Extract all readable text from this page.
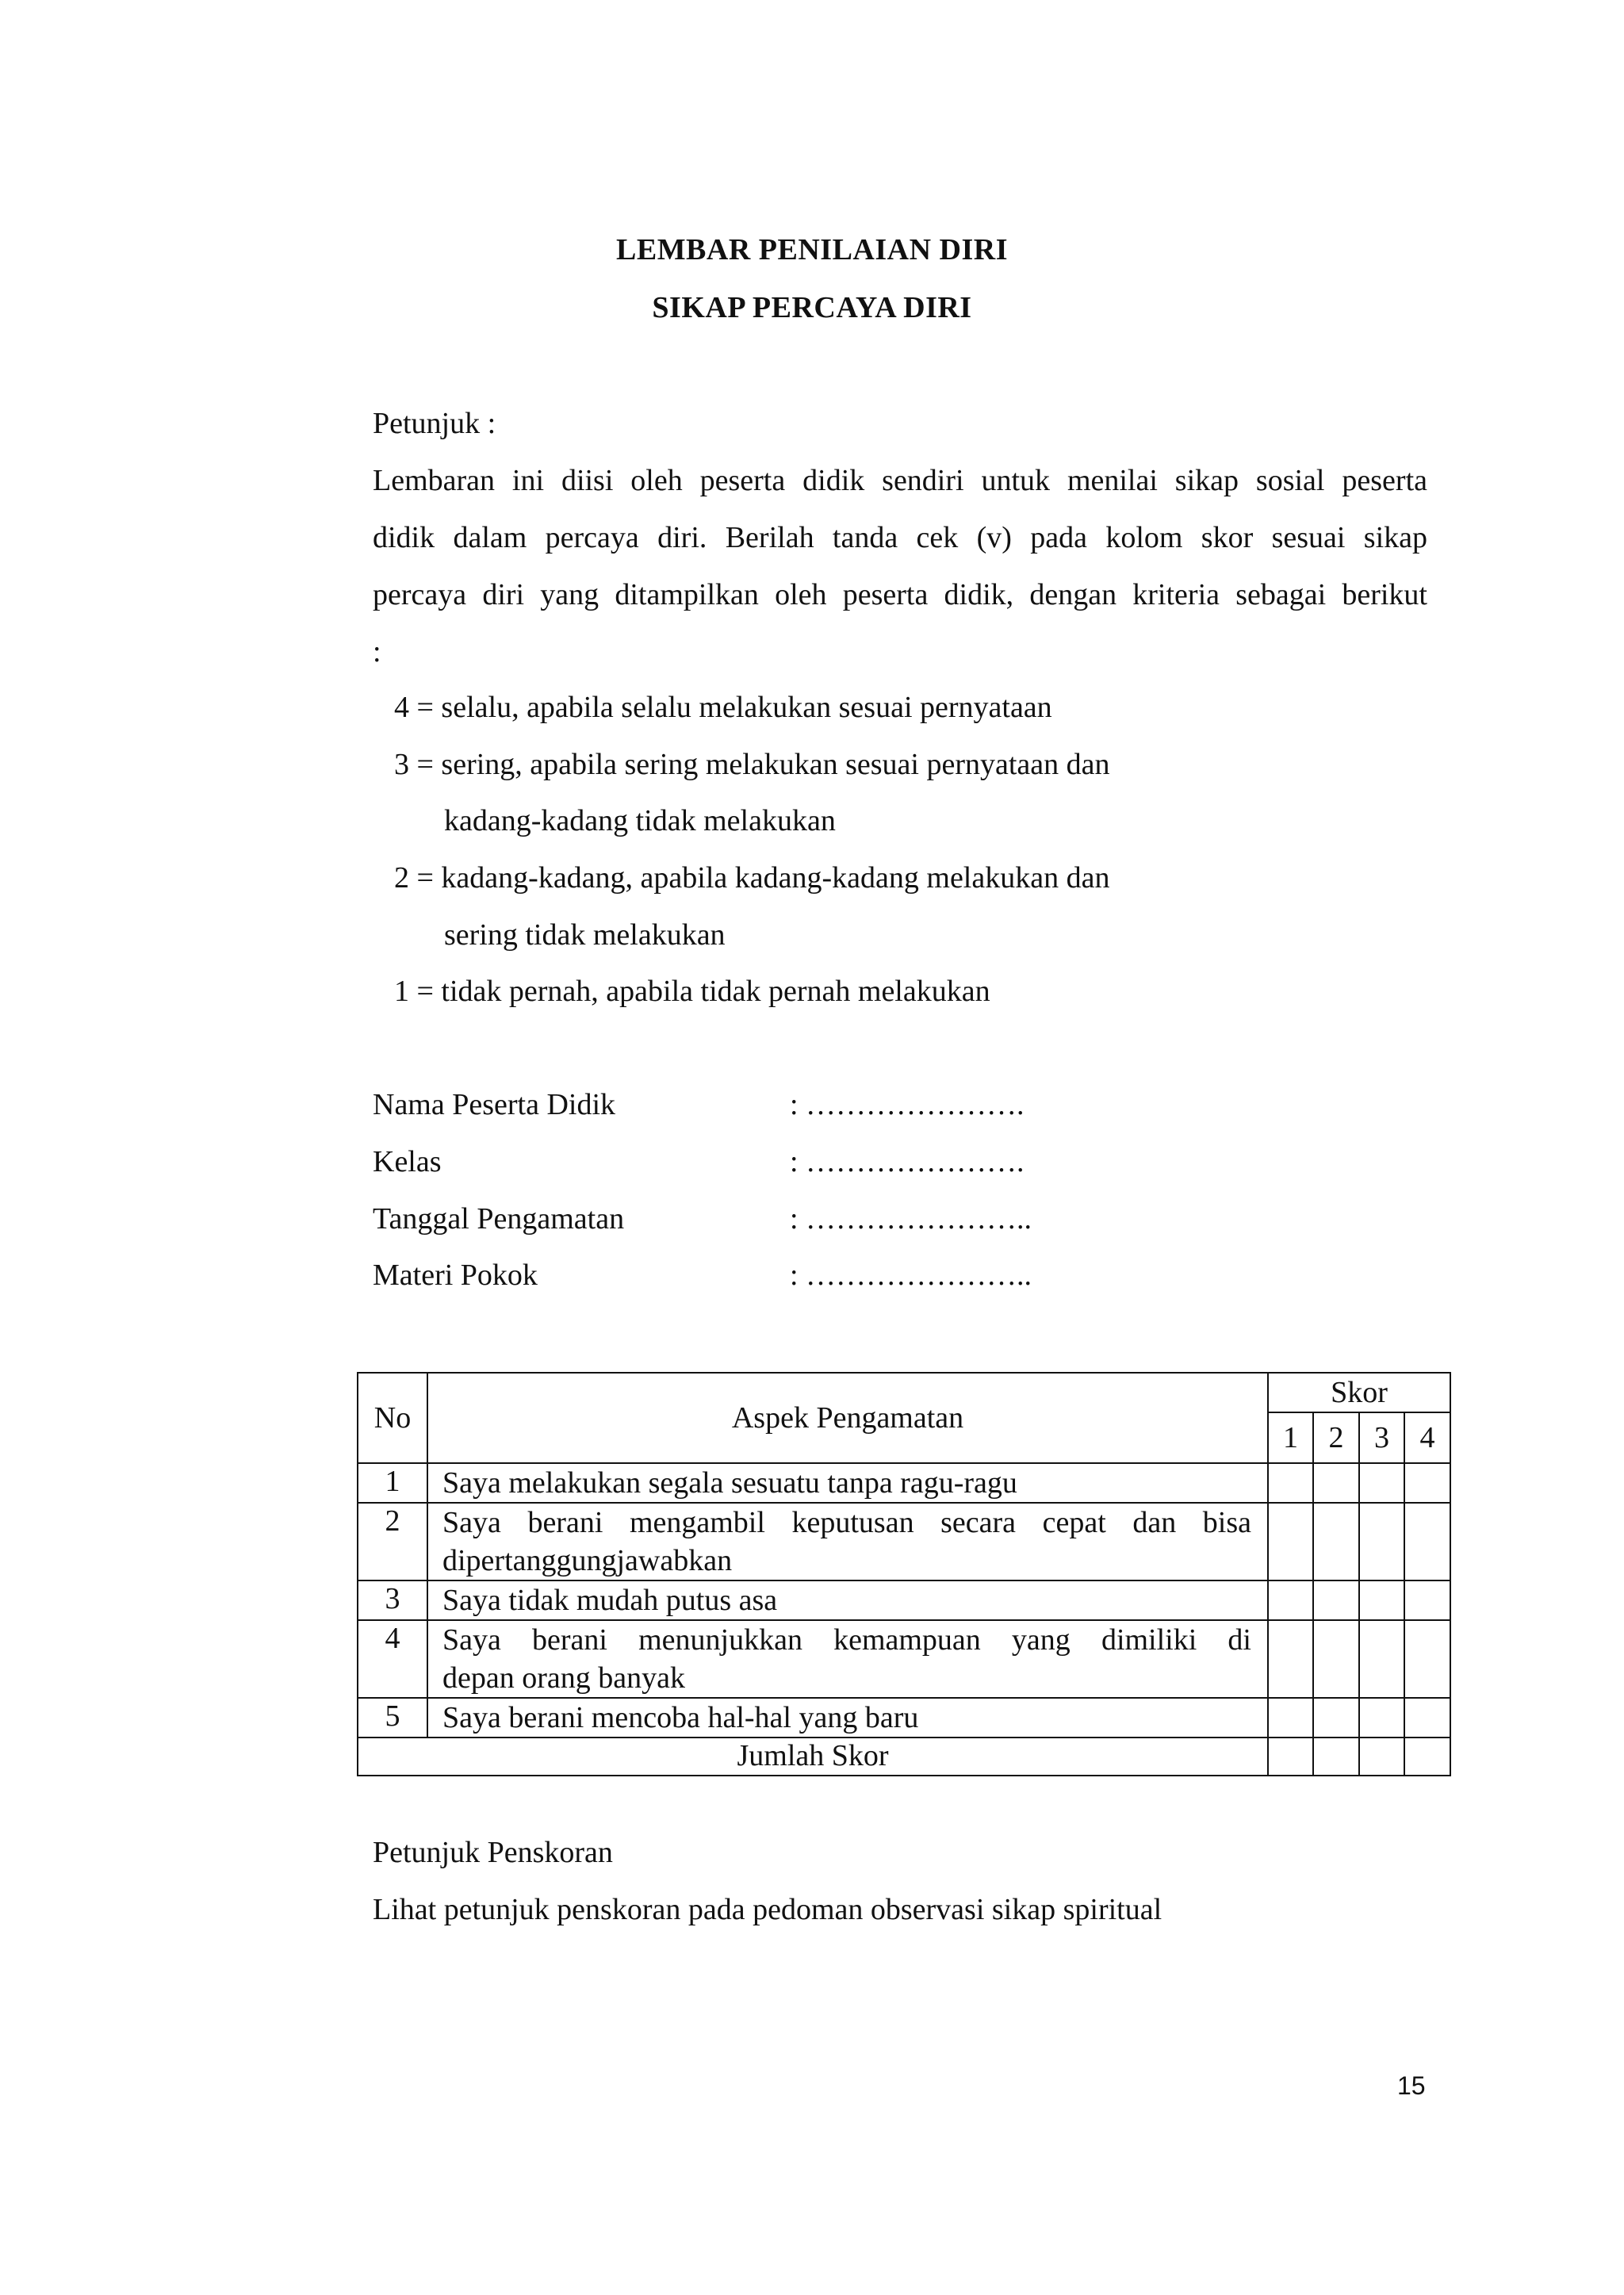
LEMBAR PENILAIAN DIRI
SIKAP PERCAYA DIRI
Petunjuk :
Lembaran ini diisi oleh peserta didik sendiri untuk menilai sikap sosial peserta
didik dalam percaya diri. Berilah tanda cek (v) pada kolom skor sesuai sikap
percaya diri yang ditampilkan oleh peserta didik, dengan kriteria sebagai berikut
:
4 = selalu, apabila selalu melakukan sesuai pernyataan
3 = sering, apabila sering melakukan sesuai pernyataan dan
kadang-kadang tidak melakukan
2 = kadang-kadang, apabila kadang-kadang melakukan dan
sering tidak melakukan
1 = tidak pernah, apabila tidak pernah melakukan
Nama Peserta Didik	: ………………….
Kelas	: ………………….
Tanggal Pengamatan	: …………………..
Materi Pokok	: …………………..
No	Aspek Pengamatan	Skor			
		1	2	3	4
1	Saya melakukan segala sesuatu tanpa ragu-ragu				

2	Saya berani mengambil keputusan secara cepat dan bisa
dipertanggungjawabkan				

3	Saya tidak mudah putus asa				

4	Saya berani menunjukkan kemampuan yang dimiliki di
depan orang banyak				

5	Saya berani mencoba hal-hal yang baru				

Jumlah Skor					
Petunjuk Penskoran
Lihat petunjuk penskoran pada pedoman observasi sikap spiritual
15
